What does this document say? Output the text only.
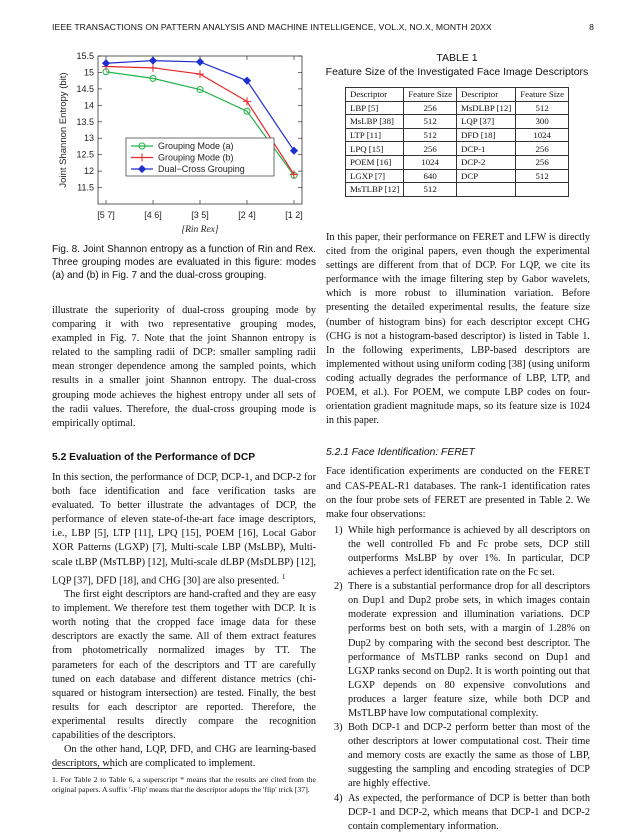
IEEE TRANSACTIONS ON PATTERN ANALYSIS AND MACHINE INTELLIGENCE, VOL.X, NO.X, MONTH 20XX	8
11.5
12
12.5
13
13.5
14
14.5
15
15.5
[5 7]	[4 6]	[3 5]	[2 4]	[1 2]
[Rin Rex]
Joint Shannon Entropy (bit)	Grouping Mode (a)
Grouping Mode (b)
Dual−Cross Grouping
Fig. 8. Joint Shannon entropy as a function of Rin and Rex. Three grouping modes are evaluated in this figure: modes (a) and (b) in Fig. 7 and the dual-cross grouping.

illustrate the superiority of dual-cross grouping mode by comparing it with two representative grouping modes, exampled in Fig. 7. Note that the joint Shannon entropy is related to the sampling radii of DCP: smaller sampling radii mean stronger dependence among the sampled points, which results in a smaller joint Shannon entropy. The dual-cross grouping mode achieves the highest entropy under all sets of the radii values. Therefore, the dual-cross grouping mode is empirically optimal.

5.2 Evaluation of the Performance of DCP

In this section, the performance of DCP, DCP-1, and DCP-2 for both face identification and face verification tasks are evaluated. To better illustrate the advantages of DCP, the performance of eleven state-of-the-art face image descriptors, i.e., LBP [5], LTP [11], LPQ [15], POEM [16], Local Gabor XOR Patterns (LGXP) [7], Multi-scale LBP (MsLBP), Multi-scale tLBP (MsTLBP) [12], Multi-scale dLBP (MsDLBP) [12], LQP [37], DFD [18], and CHG [30] are also presented. $^1$

The first eight descriptors are hand-crafted and they are easy to implement. We therefore test them together with DCP. It is worth noting that the cropped face image data for these descriptors are exactly the same. All of them extract features from photometrically normalized images by TT. The parameters for each of the descriptors and TT are carefully tuned on each database and different distance metrics (chi-squared or histogram intersection) are tested. Finally, the best results for each descriptor are reported. Therefore, the experimental results directly compare the recognition capabilities of the descriptors.

On the other hand, LQP, DFD, and CHG are learning-based descriptors, which are complicated to implement.

1. For Table 2 to Table 6, a superscript * means that the results are cited from the original papers. A suffix '-Flip' means that the descriptor adopts the 'flip' trick [37].
TABLE 1
Feature Size of the Investigated Face Image Descriptors
Descriptor	Feature Size	Descriptor	Feature Size
LBP [5]	256	MsDLBP [12]	512
MsLBP [38]	512	LQP [37]	300
LTP [11]	512	DFD [18]	1024
LPQ [15]	256	DCP-1	256
POEM [16]	1024	DCP-2	256
LGXP [7]	640	DCP	512
MsTLBP [12]	512		

In this paper, their performance on FERET and LFW is directly cited from the original papers, even though the experimental settings are different from that of DCP. For LQP, we cite its performance with the image filtering step by Gabor wavelets, which is more robust to illumination variation. Before presenting the detailed experimental results, the feature size (number of histogram bins) for each descriptor except CHG (CHG is not a histogram-based descriptor) is listed in Table 1. In the following experiments, LBP-based descriptors are implemented without using uniform coding [38] (using uniform coding actually degrades the performance of LBP, LTP, and POEM, et al.). For POEM, we compute LBP codes on four-orientation gradient magnitude maps, so its feature size is 1024 in this paper.

5.2.1 Face Identification: FERET

Face identification experiments are conducted on the FERET and CAS-PEAL-R1 databases. The rank-1 identification rates on the four probe sets of FERET are presented in Table 2. We make four observations:

1) While high performance is achieved by all descriptors on the well controlled Fb and Fc probe sets, DCP still outperforms MsLBP by over 1%. In particular, DCP achieves a perfect identification rate on the Fc set.
2) There is a substantial performance drop for all descriptors on Dup1 and Dup2 probe sets, in which images contain moderate expression and illumination variations. DCP performs best on both sets, with a margin of 1.28% on Dup2 by comparing with the second best descriptor. The performance of MsTLBP ranks second on Dup1 and LGXP ranks second on Dup2. It is worth pointing out that LGXP depends on 80 expensive convolutions and produces a larger feature size, while both DCP and MsTLBP have low computational complexity.
3) Both DCP-1 and DCP-2 perform better than most of the other descriptors at lower computational cost. Their time and memory costs are exactly the same as those of LBP, suggesting the sampling and encoding strategies of DCP are highly effective.
4) As expected, the performance of DCP is better than both DCP-1 and DCP-2, which means that DCP-1 and DCP-2 contain complementary information.
